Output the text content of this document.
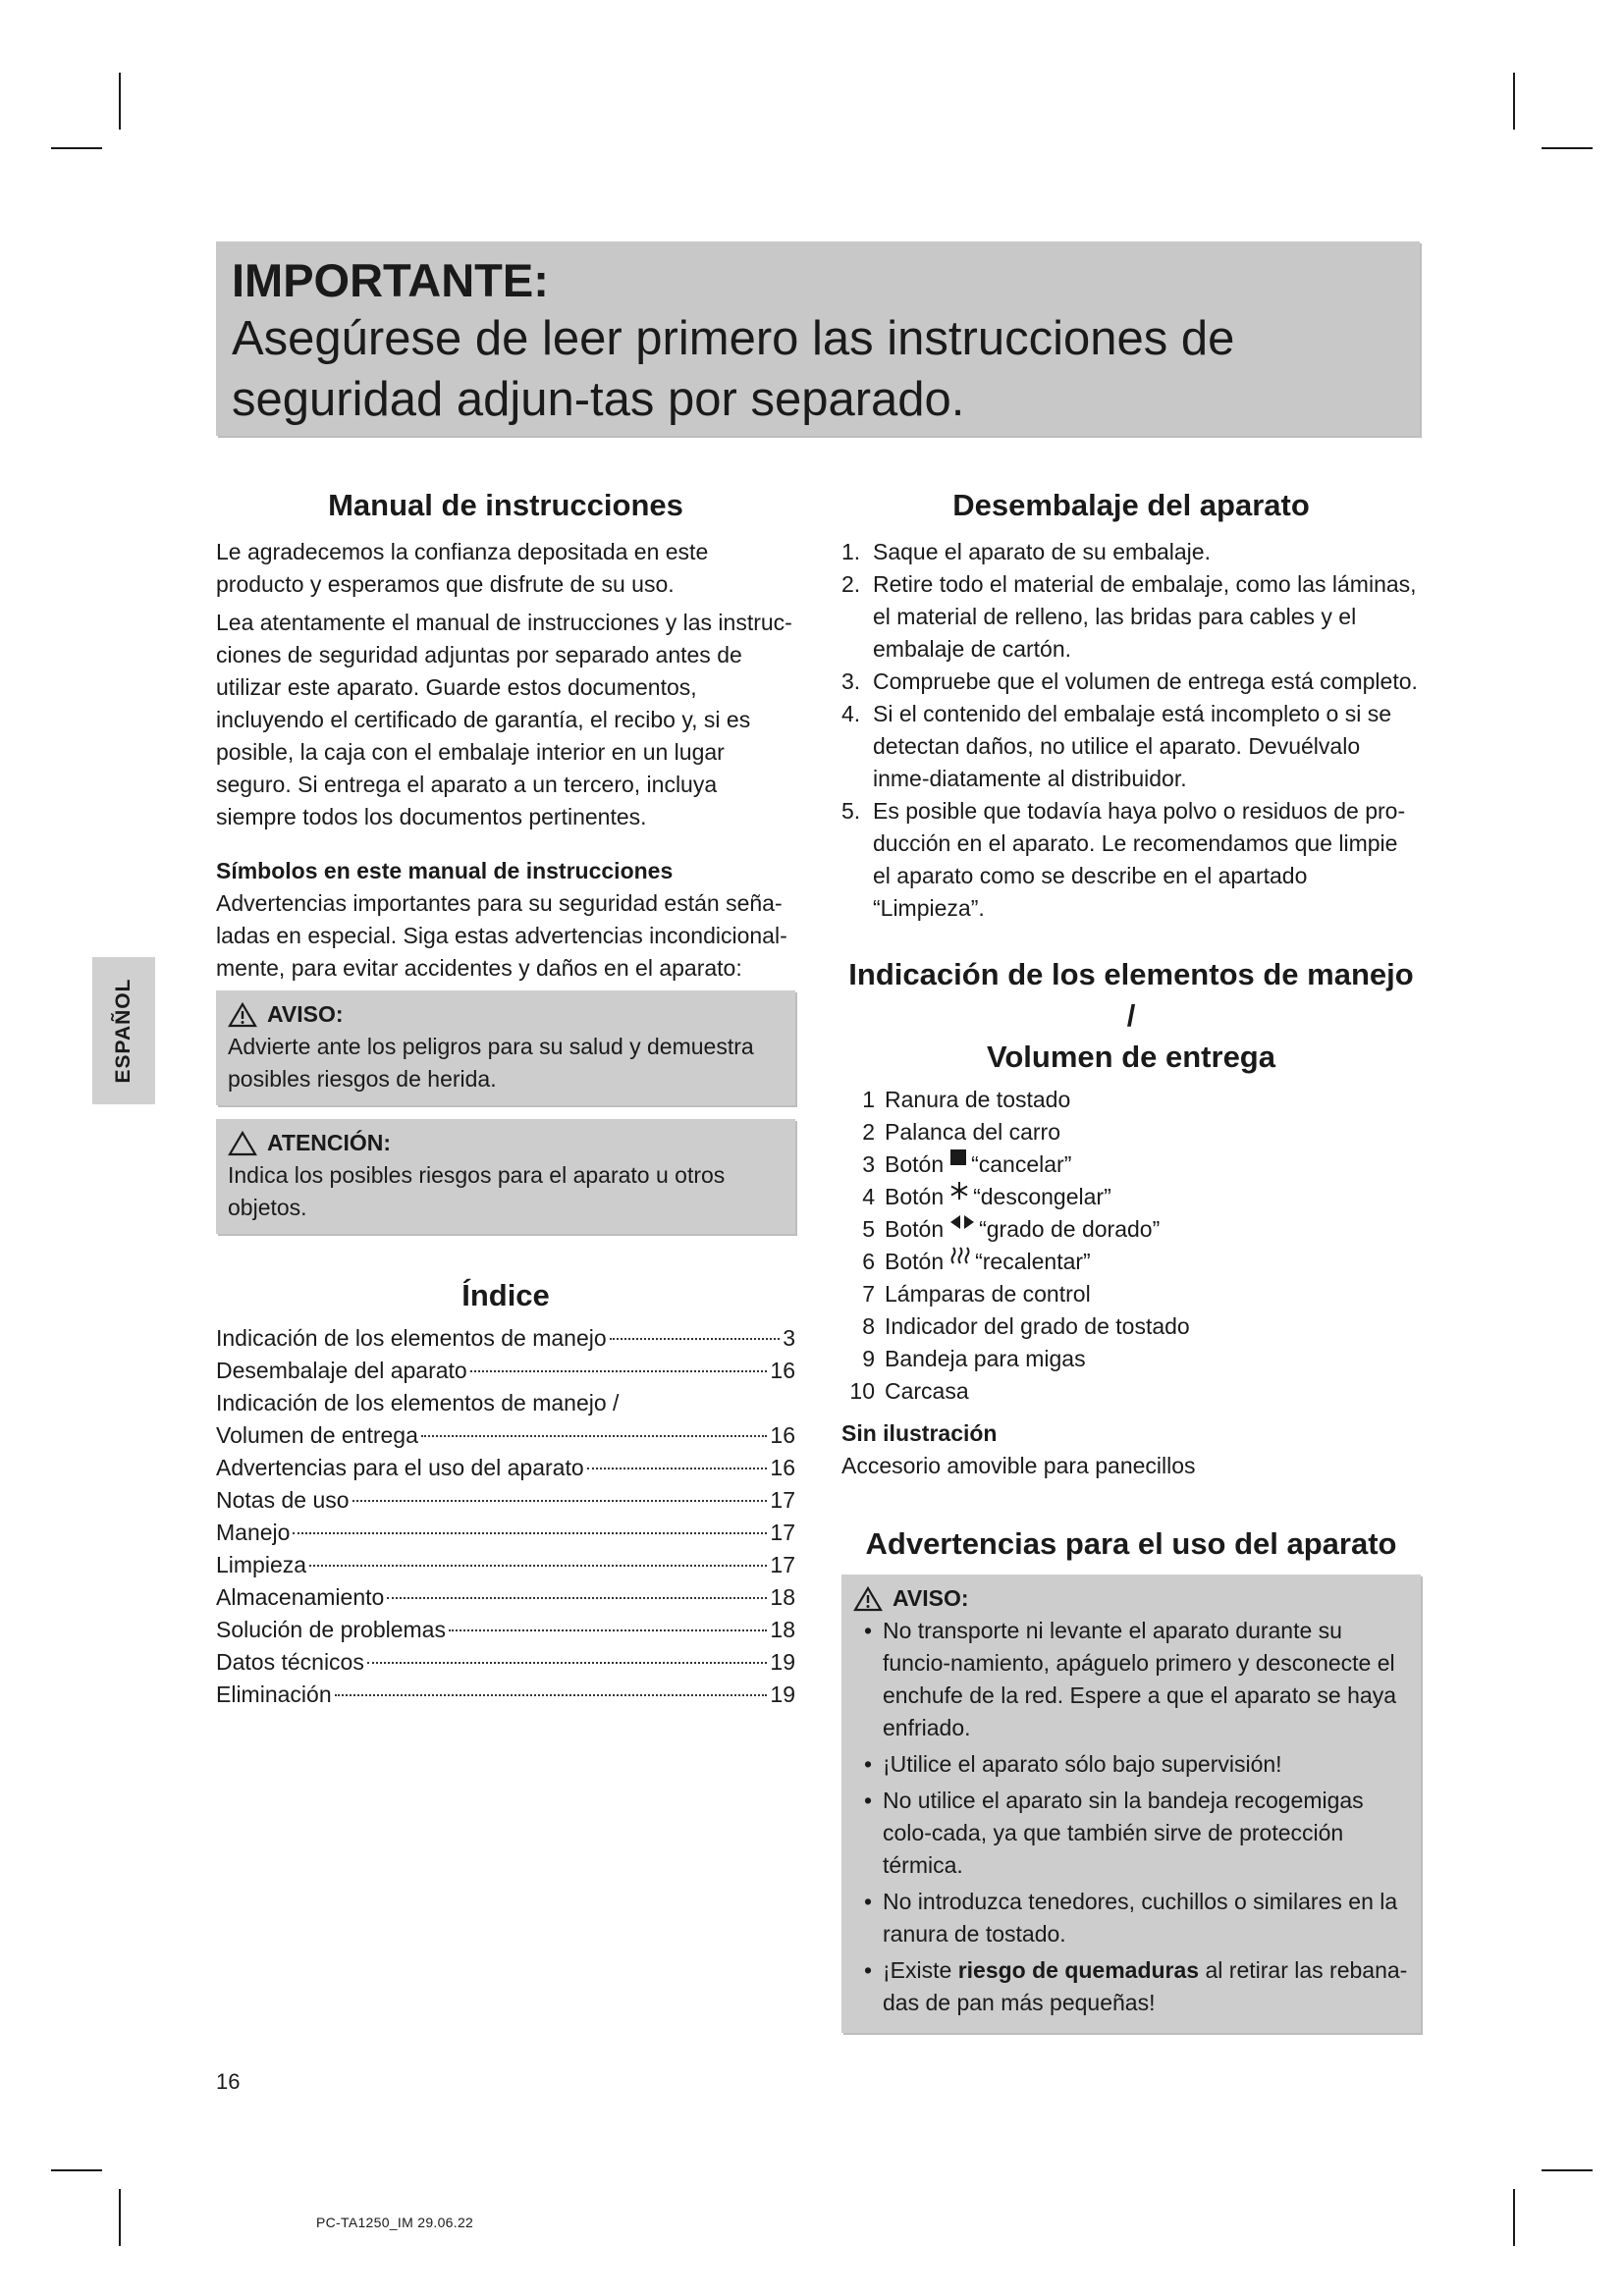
IMPORTANTE:
Asegúrese de leer primero las instrucciones de seguridad adjun-tas por separado.
ESPAÑOL
Manual de instrucciones

Le agradecemos la confianza depositada en este producto y esperamos que disfrute de su uso.

Lea atentamente el manual de instrucciones y las instruc-ciones de seguridad adjuntas por separado antes de utilizar este aparato. Guarde estos documentos, incluyendo el certificado de garantía, el recibo y, si es posible, la caja con el embalaje interior en un lugar seguro. Si entrega el aparato a un tercero, incluya siempre todos los documentos pertinentes.

Símbolos en este manual de instrucciones

Advertencias importantes para su seguridad están seña-ladas en especial. Siga estas advertencias incondicional-mente, para evitar accidentes y daños en el aparato:

AVISO:

Advierte ante los peligros para su salud y demuestra posibles riesgos de herida.

ATENCIÓN:

Indica los posibles riesgos para el aparato u otros objetos.

Índice
Indicación de los elementos de manejo	3
Desembalaje del aparato	16
Indicación de los elementos de manejo /
Volumen de entrega	16
Advertencias para el uso del aparato	16
Notas de uso	17
Manejo	17
Limpieza	17
Almacenamiento	18
Solución de problemas	18
Datos técnicos	19
Eliminación	19
Desembalaje del aparato
1. Saque el aparato de su embalaje.
2. Retire todo el material de embalaje, como las láminas, el material de relleno, las bridas para cables y el embalaje de cartón.
3. Compruebe que el volumen de entrega está completo.
4. Si el contenido del embalaje está incompleto o si se detectan daños, no utilice el aparato. Devuélvalo inme-diatamente al distribuidor.
5. Es posible que todavía haya polvo o residuos de pro-ducción en el aparato. Le recomendamos que limpie el aparato como se describe en el apartado “Limpieza”.
Indicación de los elementos de manejo /
Volumen de entrega
1 Ranura de tostado
2 Palanca del carro
3 Botón “cancelar”
4 Botón “descongelar”
5 Botón “grado de dorado”
6 Botón “recalentar”
7 Lámparas de control
8 Indicador del grado de tostado
9 Bandeja para migas
10 Carcasa
Sin ilustración

Accesorio amovible para panecillos

Advertencias para el uso del aparato
AVISO:
• No transporte ni levante el aparato durante su funcio-namiento, apáguelo primero y desconecte el enchufe de la red. Espere a que el aparato se haya enfriado.
• ¡Utilice el aparato sólo bajo supervisión!
• No utilice el aparato sin la bandeja recogemigas colo-cada, ya que también sirve de protección térmica.
• No introduzca tenedores, cuchillos o similares en la ranura de tostado.
• ¡Existe riesgo de quemaduras al retirar las rebana-das de pan más pequeñas!
16
PC-TA1250_IM 29.06.22
